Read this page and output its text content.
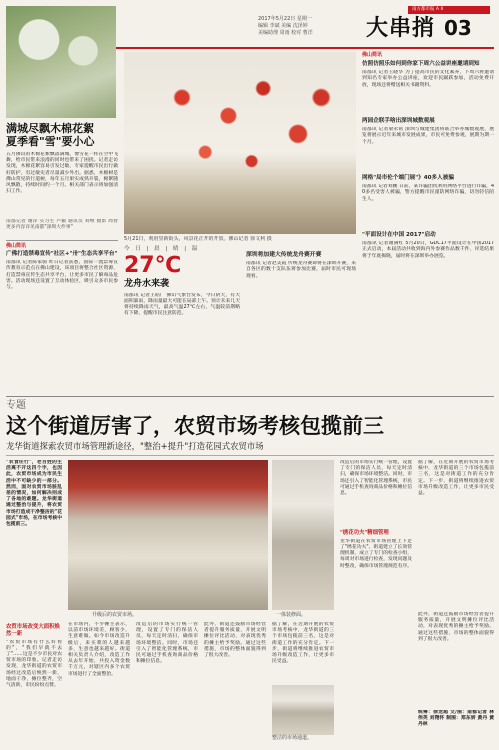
南方都市报 A II
2017年5月22日 星期一
编辑 李斌 美编 沈泽婷
美编助理 周雨 校对 曹洋	大串捎 03
满城尽飘木棉花絮
夏季看"雪"要小心
五月佛山的木棉花絮飘落满城，像雪花一样在空中飞舞，给市民带来浪漫的同时也带来了困扰。记者走访发现，木棉花絮容易引发过敏，专家提醒市民出行做好防护，有过敏史者尽量减少外出。据悉，木棉树是佛山常见的行道树，每年五月果实成熟开裂，棉絮随风飘散，持续时间约一个月。相关部门表示将加强清扫工作。
南都记者 谢萍 实习生 卢颖 通讯员 刘继 摄影 周智 更多内容详见南都"深圳大件事"
佛山简讯
广佛打造禁毒宣传"社区+"卅"生态共享平台"
南都讯 记者陈家驹 昨日记者获悉，国际一流禁毒宣传教育示范点在佛山建设，该项目将整合社区资源，打造禁毒宣传生态共享平台，让更多市民了解毒品危害。活动现场还设置了互动体验区，吸引众多市民参与。
5月21日，观府里新街头，风景花正开的开放。佛山记者 徐文利 摄
今 日 | 晨 | 晴 | 温
27℃
龙舟水来袭
南都讯 记者王皓广 佛山气象台发布，今日阴天，有大面积暴雨，降雨量最大可能在局部上午。预计未来几天将持续降雨天气，最高气温27℃左右，气温较前期略有下降，提醒市民注意防范。
深圳将加建大传统龙舟赛开赛
南都讯 记者赵美霞 传统龙舟赛即将在深圳开赛，来自各区的数十支队伍将参加比赛，届时市民可现场观看。
佛山简讯
仿照仿照乐如何到你家下周六公益讲座邀请到知
南都讯 记者王晓华 为了提高市民的文化素养，下周六将邀请到知名专家举办公益讲座，欢迎市民踊跃参加，活动免费开放，现场还将赠送相关书籍资料。
两园企联手啥出深圳城数观展
南都讯 记者梁永铭 深圳与城建集团将联合举办城数观展，展览将展示近年来城市发展成果，市民可免费参观，展期为期一个月。
网格"局市伦个端门展"》40多人被骗
南都讯 记者刘鹏 日前，某诈骗团伙利用网络平台进行诈骗，40多名受害人被骗，警方提醒市民谨防网络诈骗，切勿轻信陌生人。
"平面设计在中国 2017"启动
南都讯 记者谢满红 5月20日，GDC17平面设计在中国2017正式启动，本届活动共收到海内外参赛作品数千件，评选结果将于年底揭晓，届时将在深圳举办展览。
专题
这个街道厉害了，农贸市场考核包揽前三
龙华街道探索农贸市场管理新途径，"整治+提升"打造花园式农贸市场
"农食住行"，老百姓的生活离不开这四个字，也因此，农贸市场成为市民生活中不可缺少的一部分。然而，面对农贸市场脏乱差的情况，如何解决则成了各地的难题。龙华街道通过整治与提升，将农贸市场打造成干净整洁的"花园式"市场，在市场考核中包揽前三。
农贸市场改变大面积焕然一新
"农贸市场有什么好看的"，"我们早就不去了"……这是不少市民对农贸市场的印象。记者走访发现，龙华街道的农贸市场经过改造后焕然一新，地面干净，摊位整齐，空气清新，市民纷纷点赞。
升级后的农贸市场。	一体装修面。
在市场内，不少摊主表示，以前市场环境差，顾客少，生意难做。如今市场改造升级后，来买菜的人越来越多，生意也越来越好。街道相关负责人介绍，改造工作从去年开始，共投入资金数千万元，对辖区内多个农贸市场进行了全面整治。
改造后的市场实行统一管理，设置了专门的保洁人员，每天定时清扫，确保市场环境整洁。同时，市场还引入了智能化管理系统，市民可通过手机查询商品价格和摊位信息。
此外，街道还鼓励市场经营者提升服务质量，开展文明摊位评比活动，对表现优秀的摊主给予奖励。通过这些措施，市场的整体面貌得到了很大改善。
据了解，在近期开展的农贸市场考核中，龙华街道的三个市场包揽前三名，这是对街道工作的充分肯定。下一步，街道将继续推进农贸市场升级改造工作，让更多市民受益。
整洁的市场通道。
改造后的市场实行统一管理，设置了专门的保洁人员，每天定时清扫，确保市场环境整洁。同时，市场还引入了智能化管理系统，市民可通过手机查询商品价格和摊位信息。
"绣花功夫"精细管理
龙华街道在农贸市场管理上下足了"绣花功夫"。街道建立了长效管理机制，成立了专门的检查小组，每周对市场进行检查，发现问题及时整改，确保市场管理规范有序。
据了解，在近期开展的农贸市场考核中，龙华街道的三个市场包揽前三名，这是对街道工作的充分肯定。下一步，街道将继续推进农贸市场升级改造工作，让更多市民受益。
此外，街道还鼓励市场经营者提升服务质量，开展文明摊位评比活动，对表现优秀的摊主给予奖励。通过这些措施，市场的整体面貌得到了很大改善。
统筹：徐龙超 文/图：南都记者 林伟英 刘翔怀 制图：郑东妍 黄丹 黄丹林
